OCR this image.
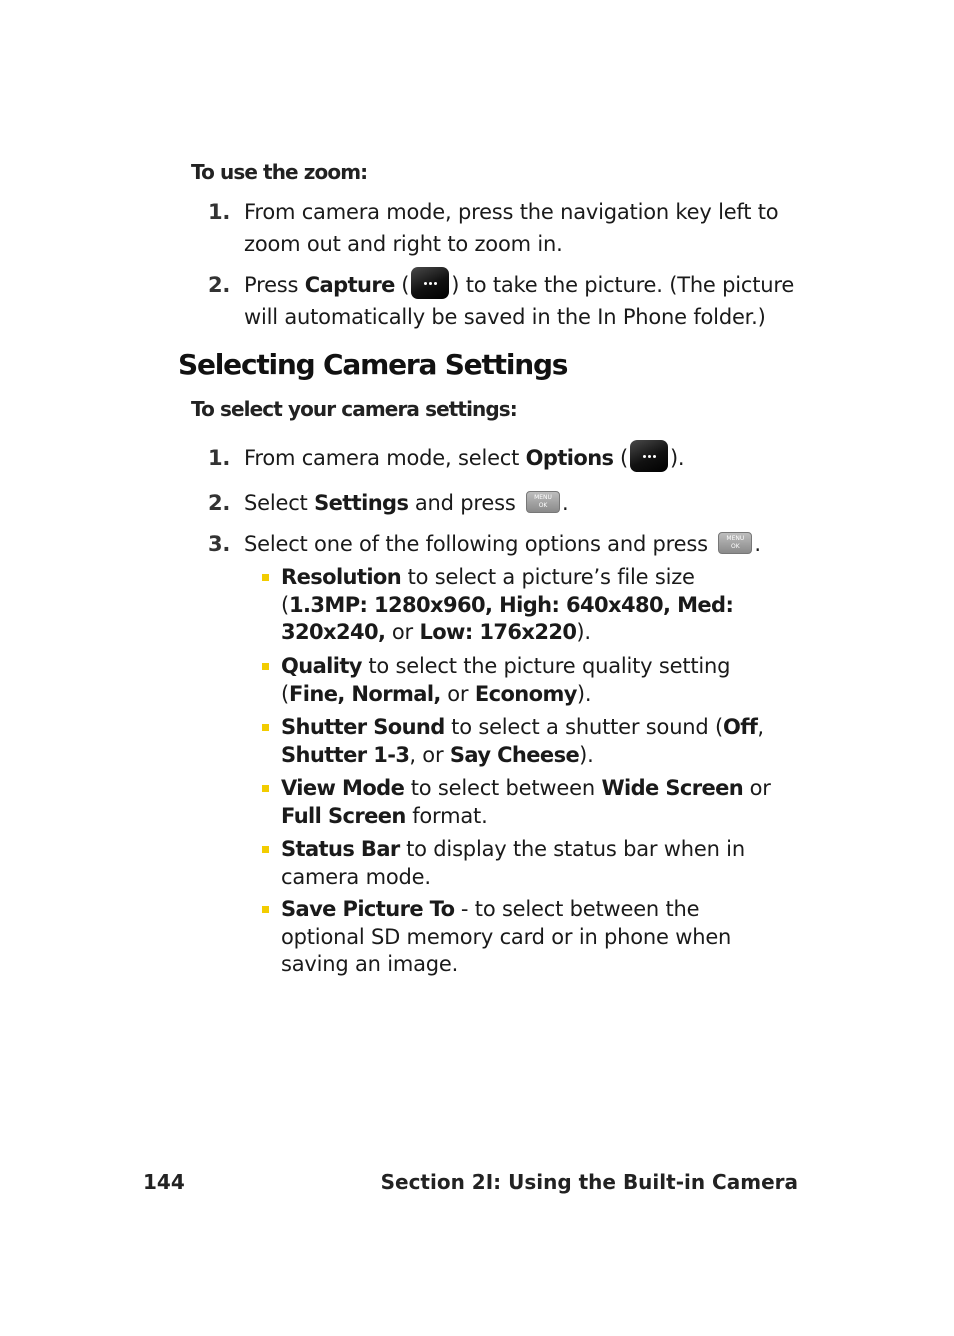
To use the zoom:

1. From camera mode, press the navigation key left to zoom out and right to zoom in.
2. Press Capture ( ) to take the picture. (The picture will automatically be saved in the In Phone folder.)
Selecting Camera Settings

To select your camera settings:

1. From camera mode, select Options ( ).
2. Select Settings and press MENU
OK .
3. Select one of the following options and press MENU
OK .
Resolution to select a picture’s file size (1.3MP: 1280x960, High: 640x480, Med: 320x240, or Low: 176x220).
Quality to select the picture quality setting (Fine, Normal, or Economy).
Shutter Sound to select a shutter sound (Off, Shutter 1-3, or Say Cheese).
View Mode to select between Wide Screen or
Full Screen format.
Status Bar to display the status bar when in camera mode.
Save Picture To - to select between the optional SD memory card or in phone when saving an image.
144	Section 2I: Using the Built-in Camera
